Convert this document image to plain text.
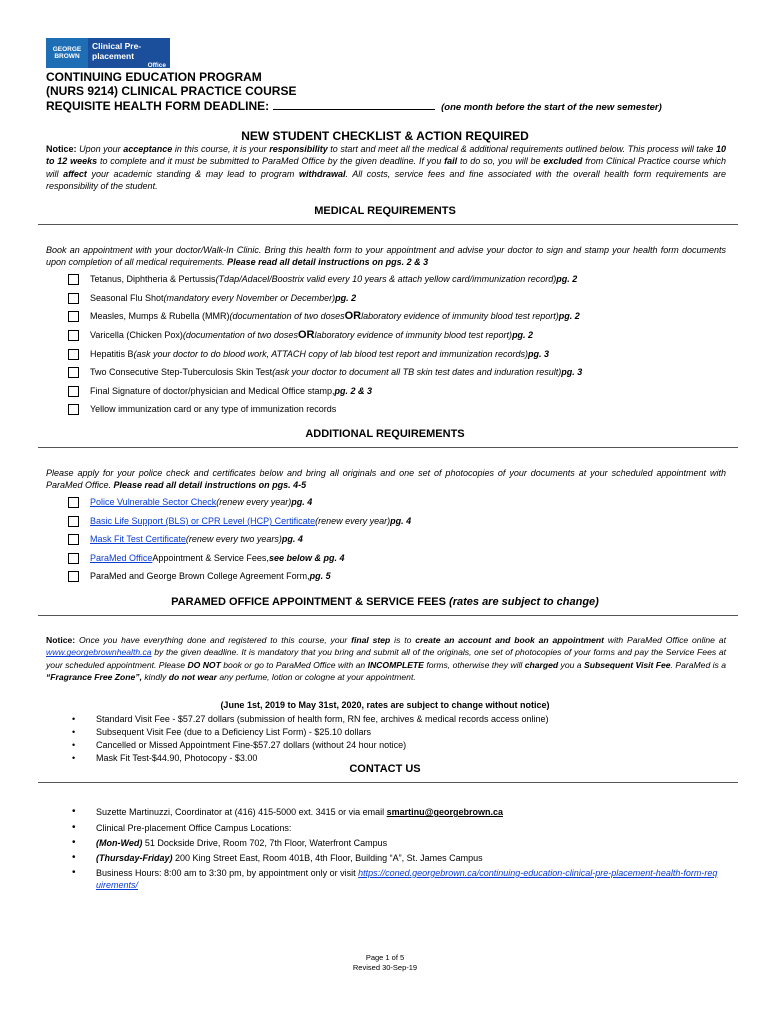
GEORGE
BROWN
Clinical Pre-placement
Office
CONTINUING EDUCATION PROGRAM
(NURS 9214) CLINICAL PRACTICE COURSE
REQUISITE HEALTH FORM DEADLINE:	(one month before the start of the new semester)
NEW STUDENT CHECKLIST & ACTION REQUIRED
Notice: Upon your acceptance in this course, it is your responsibility to start and meet all the medical & additional requirements outlined below. This process will take 10 to 12 weeks to complete and it must be submitted to ParaMed Office by the given deadline. If you fail to do so, you will be excluded from Clinical Practice course which will affect your academic standing & may lead to program withdrawal. All costs, service fees and fine associated with the overall health form requirements are responsibility of the student.
MEDICAL REQUIREMENTS
Book an appointment with your doctor/Walk-In Clinic. Bring this health form to your appointment and advise your doctor to sign and stamp your health form documents upon completion of all medical requirements. Please read all detail instructions on pgs. 2 & 3
Tetanus, Diphtheria & Pertussis (Tdap/Adacel/Boostrix valid every 10 years & attach yellow card/immunization record) pg. 2
Seasonal Flu Shot (mandatory every November or December) pg. 2
Measles, Mumps & Rubella (MMR) (documentation of two doses OR laboratory evidence of immunity blood test report) pg. 2
Varicella (Chicken Pox) (documentation of two doses OR laboratory evidence of immunity blood test report) pg. 2
Hepatitis B (ask your doctor to do blood work, ATTACH copy of lab blood test report and immunization records) pg. 3
Two Consecutive Step-Tuberculosis Skin Test (ask your doctor to document all TB skin test dates and induration result) pg. 3
Final Signature of doctor/physician and Medical Office stamp, pg. 2 & 3
Yellow immunization card or any type of immunization records
ADDITIONAL REQUIREMENTS
Please apply for your police check and certificates below and bring all originals and one set of photocopies of your documents at your scheduled appointment with ParaMed Office. Please read all detail instructions on pgs. 4-5
Police Vulnerable Sector Check (renew every year) pg. 4
Basic Life Support (BLS) or CPR Level (HCP) Certificate (renew every year) pg. 4
Mask Fit Test Certificate (renew every two years) pg. 4
ParaMed Office Appointment & Service Fees, see below & pg. 4
ParaMed and George Brown College Agreement Form, pg. 5
PARAMED OFFICE APPOINTMENT & SERVICE FEES (rates are subject to change)
Notice: Once you have everything done and registered to this course, your final step is to create an account and book an appointment with ParaMed Office online at www.georgebrownhealth.ca by the given deadline. It is mandatory that you bring and submit all of the originals, one set of photocopies of your forms and pay the Service Fees at your scheduled appointment. Please DO NOT book or go to ParaMed Office with an INCOMPLETE forms, otherwise they will charged you a Subsequent Visit Fee. ParaMed is a “Fragrance Free Zone”, kindly do not wear any perfume, lotion or cologne at your appointment.
(June 1st, 2019 to May 31st, 2020, rates are subject to change without notice)
•	Standard Visit Fee - $57.27 dollars (submission of health form, RN fee, archives & medical records access online)
•	Subsequent Visit Fee (due to a Deficiency List Form) - $25.10 dollars
•	Cancelled or Missed Appointment Fine-$57.27 dollars (without 24 hour notice)
•	Mask Fit Test-$44.90, Photocopy - $3.00
CONTACT US
•	Suzette Martinuzzi, Coordinator at (416) 415-5000 ext. 3415 or via email smartinu@georgebrown.ca
•	Clinical Pre-placement Office Campus Locations:
•	(Mon-Wed) 51 Dockside Drive, Room 702, 7th Floor, Waterfront Campus
•	(Thursday-Friday) 200 King Street East, Room 401B, 4th Floor, Building “A”, St. James Campus
•	Business Hours: 8:00 am to 3:30 pm, by appointment only or visit https://coned.georgebrown.ca/continuing-education-clinical-pre-placement-health-form-requirements/
Page 1 of 5
Revised 30-Sep-19
